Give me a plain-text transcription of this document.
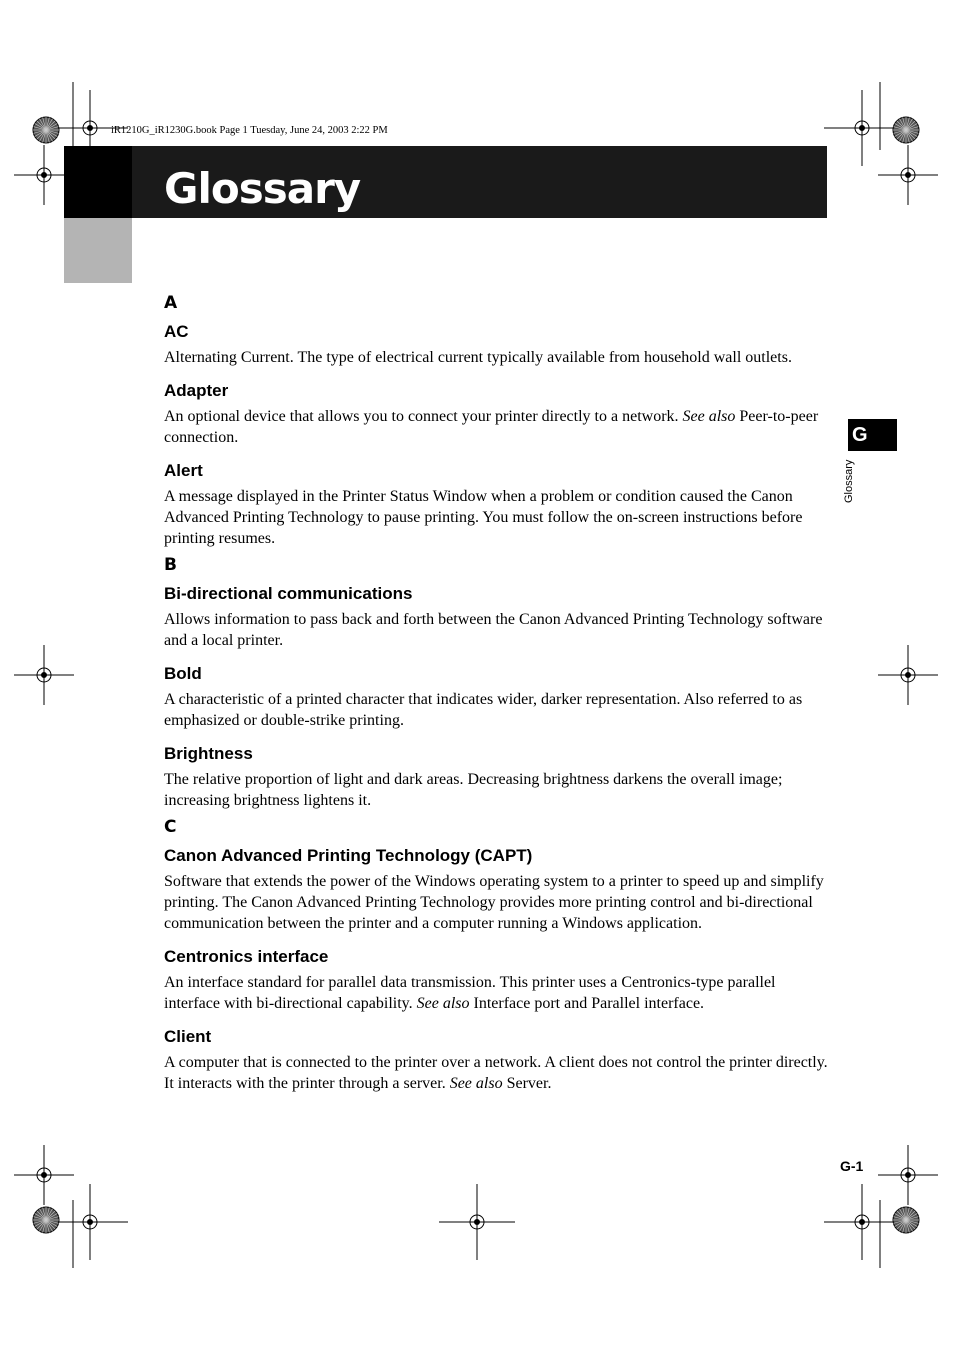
iR1210G_iR1230G.book Page 1 Tuesday, June 24, 2003 2:22 PM
Glossary
G
Glossary
A
AC

Alternating Current. The type of electrical current typically available from household wall outlets.

Adapter

An optional device that allows you to connect your printer directly to a network. See also Peer-to-peer connection.

Alert

A message displayed in the Printer Status Window when a problem or condition caused the Canon Advanced Printing Technology to pause printing. You must follow the on-screen instructions before printing resumes.

B
Bi-directional communications

Allows information to pass back and forth between the Canon Advanced Printing Technology software and a local printer.

Bold

A characteristic of a printed character that indicates wider, darker representation. Also referred to as emphasized or double-strike printing.

Brightness

The relative proportion of light and dark areas. Decreasing brightness darkens the overall image; increasing brightness lightens it.

C
Canon Advanced Printing Technology (CAPT)

Software that extends the power of the Windows operating system to a printer to speed up and simplify printing. The Canon Advanced Printing Technology provides more printing control and bi-directional communication between the printer and a computer running a Windows application.

Centronics interface

An interface standard for parallel data transmission. This printer uses a Centronics-type parallel interface with bi-directional capability. See also Interface port and Parallel interface.

Client

A computer that is connected to the printer over a network. A client does not control the printer directly. It interacts with the printer through a server. See also Server.

G-1
